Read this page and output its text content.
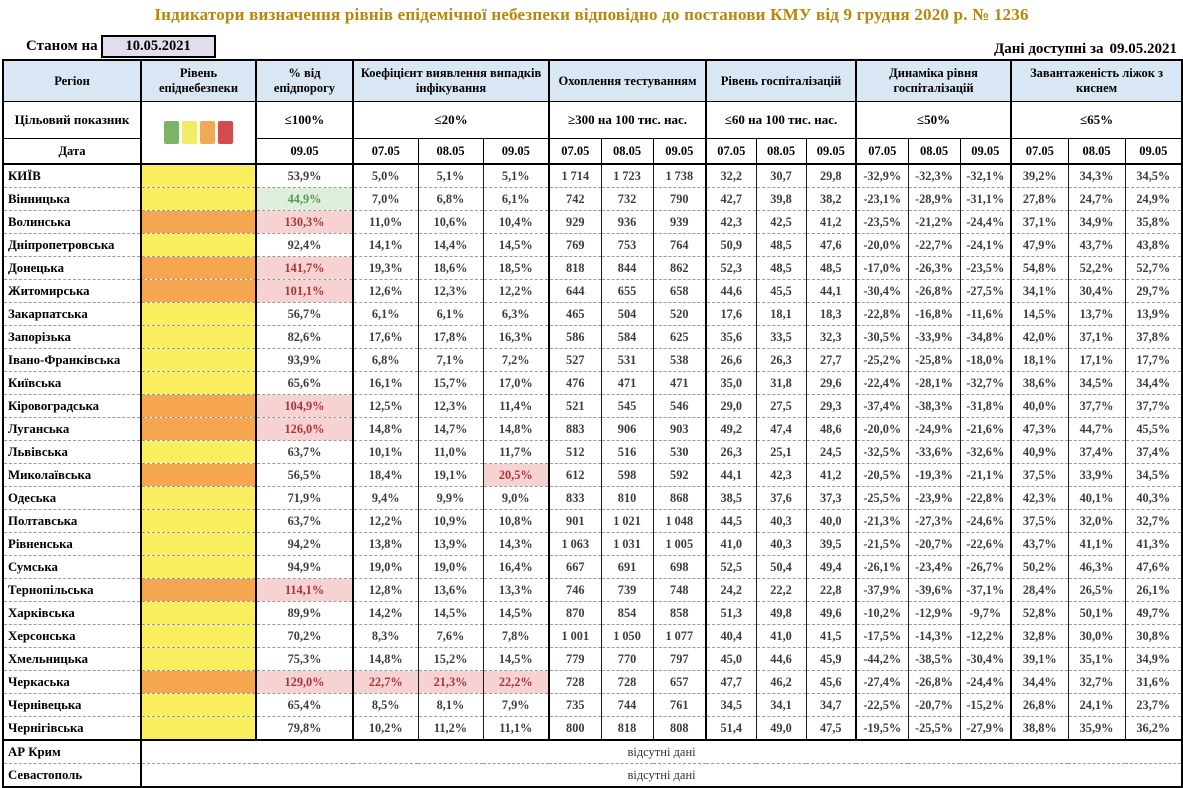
Індикатори визначення рівнів епідемічної небезпеки відповідно до постанови КМУ від 9 грудня 2020 р. № 1236
Станом на	10.05.2021	Дані доступні за 09.05.2021
Регіон	Рівень епіднебезпеки	% від епідпорогу	Коефіцієнт виявлення випадків інфікування			Охоплення тестуванням			Рівень госпіталізацій			Динаміка рівня госпіталізацій			Завантаженість ліжок з киснем		
Цільовий показник		≤100%	≤20%			≥300 на 100 тис. нас.			≤60 на 100 тис. нас.			≤50%			≤65%		
Дата		09.05	07.05	08.05	09.05	07.05	08.05	09.05	07.05	08.05	09.05	07.05	08.05	09.05	07.05	08.05	09.05
КИЇВ		53,9%	5,0%	5,1%	5,1%	1 714	1 723	1 738	32,2	30,7	29,8	-32,9%	-32,3%	-32,1%	39,2%	34,3%	34,5%
Вінницька		44,9%	7,0%	6,8%	6,1%	742	732	790	42,7	39,8	38,2	-23,1%	-28,9%	-31,1%	27,8%	24,7%	24,9%
Волинська		130,3%	11,0%	10,6%	10,4%	929	936	939	42,3	42,5	41,2	-23,5%	-21,2%	-24,4%	37,1%	34,9%	35,8%
Дніпропетровська		92,4%	14,1%	14,4%	14,5%	769	753	764	50,9	48,5	47,6	-20,0%	-22,7%	-24,1%	47,9%	43,7%	43,8%
Донецька		141,7%	19,3%	18,6%	18,5%	818	844	862	52,3	48,5	48,5	-17,0%	-26,3%	-23,5%	54,8%	52,2%	52,7%
Житомирська		101,1%	12,6%	12,3%	12,2%	644	655	658	44,6	45,5	44,1	-30,4%	-26,8%	-27,5%	34,1%	30,4%	29,7%
Закарпатська		56,7%	6,1%	6,1%	6,3%	465	504	520	17,6	18,1	18,3	-22,8%	-16,8%	-11,6%	14,5%	13,7%	13,9%
Запорізька		82,6%	17,6%	17,8%	16,3%	586	584	625	35,6	33,5	32,3	-30,5%	-33,9%	-34,8%	42,0%	37,1%	37,8%
Івано-Франківська		93,9%	6,8%	7,1%	7,2%	527	531	538	26,6	26,3	27,7	-25,2%	-25,8%	-18,0%	18,1%	17,1%	17,7%
Київська		65,6%	16,1%	15,7%	17,0%	476	471	471	35,0	31,8	29,6	-22,4%	-28,1%	-32,7%	38,6%	34,5%	34,4%
Кіровоградська		104,9%	12,5%	12,3%	11,4%	521	545	546	29,0	27,5	29,3	-37,4%	-38,3%	-31,8%	40,0%	37,7%	37,7%
Луганська		126,0%	14,8%	14,7%	14,8%	883	906	903	49,2	47,4	48,6	-20,0%	-24,9%	-21,6%	47,3%	44,7%	45,5%
Львівська		63,7%	10,1%	11,0%	11,7%	512	516	530	26,3	25,1	24,5	-32,5%	-33,6%	-32,6%	40,9%	37,4%	37,4%
Миколаївська		56,5%	18,4%	19,1%	20,5%	612	598	592	44,1	42,3	41,2	-20,5%	-19,3%	-21,1%	37,5%	33,9%	34,5%
Одеська		71,9%	9,4%	9,9%	9,0%	833	810	868	38,5	37,6	37,3	-25,5%	-23,9%	-22,8%	42,3%	40,1%	40,3%
Полтавська		63,7%	12,2%	10,9%	10,8%	901	1 021	1 048	44,5	40,3	40,0	-21,3%	-27,3%	-24,6%	37,5%	32,0%	32,7%
Рівненська		94,2%	13,8%	13,9%	14,3%	1 063	1 031	1 005	41,0	40,3	39,5	-21,5%	-20,7%	-22,6%	43,7%	41,1%	41,3%
Сумська		94,9%	19,0%	19,0%	16,4%	667	691	698	52,5	50,4	49,4	-26,1%	-23,4%	-26,7%	50,2%	46,3%	47,6%
Тернопільська		114,1%	12,8%	13,6%	13,3%	746	739	748	24,2	22,2	22,8	-37,9%	-39,6%	-37,1%	28,4%	26,5%	26,1%
Харківська		89,9%	14,2%	14,5%	14,5%	870	854	858	51,3	49,8	49,6	-10,2%	-12,9%	-9,7%	52,8%	50,1%	49,7%
Херсонська		70,2%	8,3%	7,6%	7,8%	1 001	1 050	1 077	40,4	41,0	41,5	-17,5%	-14,3%	-12,2%	32,8%	30,0%	30,8%
Хмельницька		75,3%	14,8%	15,2%	14,5%	779	770	797	45,0	44,6	45,9	-44,2%	-38,5%	-30,4%	39,1%	35,1%	34,9%
Черкаська		129,0%	22,7%	21,3%	22,2%	728	728	657	47,7	46,2	45,6	-27,4%	-26,8%	-24,4%	34,4%	32,7%	31,6%
Чернівецька		65,4%	8,5%	8,1%	7,9%	735	744	761	34,5	34,1	34,7	-22,5%	-20,7%	-15,2%	26,8%	24,1%	23,7%
Чернігівська		79,8%	10,2%	11,2%	11,1%	800	818	808	51,4	49,0	47,5	-19,5%	-25,5%	-27,9%	38,8%	35,9%	36,2%
АР Крим	відсутні дані																
Севастополь	відсутні дані																
